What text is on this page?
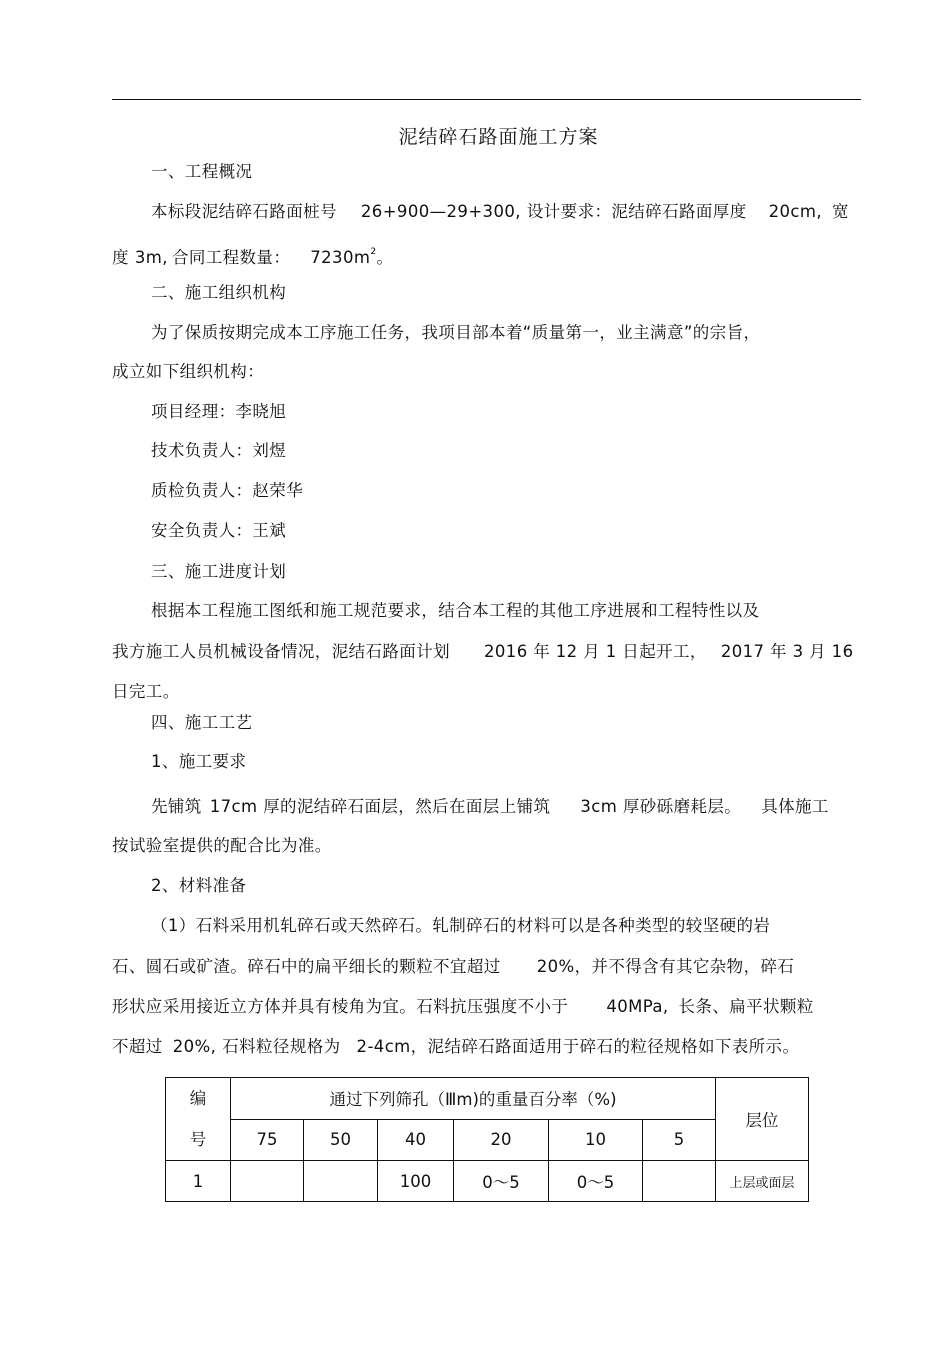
泥结碎石路面施工方案
一、工程概况
本标段泥结碎石路面桩号 26+900—29+300, 设计要求：泥结碎石路面厚度 20cm, 宽
度 3m, 合同工程数量： $7230m^2$。
二、施工组织机构
为了保质按期完成本工序施工任务，我项目部本着“质量第一，业主满意”的宗旨，
成立如下组织机构：
项目经理：李晓旭
技术负责人：刘煜
质检负责人：赵荣华
安全负责人：王斌
三、施工进度计划
根据本工程施工图纸和施工规范要求，结合本工程的其他工序进展和工程特性以及
我方施工人员机械设备情况，泥结石路面计划 2016 年 12 月 1 日起开工， 2017 年 3 月 16
日完工。
四、施工工艺
1、施工要求
先铺筑 17cm 厚的泥结碎石面层，然后在面层上铺筑 3cm 厚砂砾磨耗层。 具体施工
按试验室提供的配合比为准。
2、材料准备
（1）石料采用机轧碎石或天然碎石。轧制碎石的材料可以是各种类型的较坚硬的岩
石、圆石或矿渣。碎石中的扁平细长的颗粒不宜超过 20%，并不得含有其它杂物，碎石
形状应采用接近立方体并具有棱角为宜。石料抗压强度不小于 40MPa, 长条、扁平状颗粒
不超过 20%, 石料粒径规格为 2-4cm，泥结碎石路面适用于碎石的粒径规格如下表所示。
编
号	通过下列筛孔（Ⅲm)的重量百分率（%)						层位
	75	50	40	20	10	5	
1			100	0～5	0～5		上层或面层
